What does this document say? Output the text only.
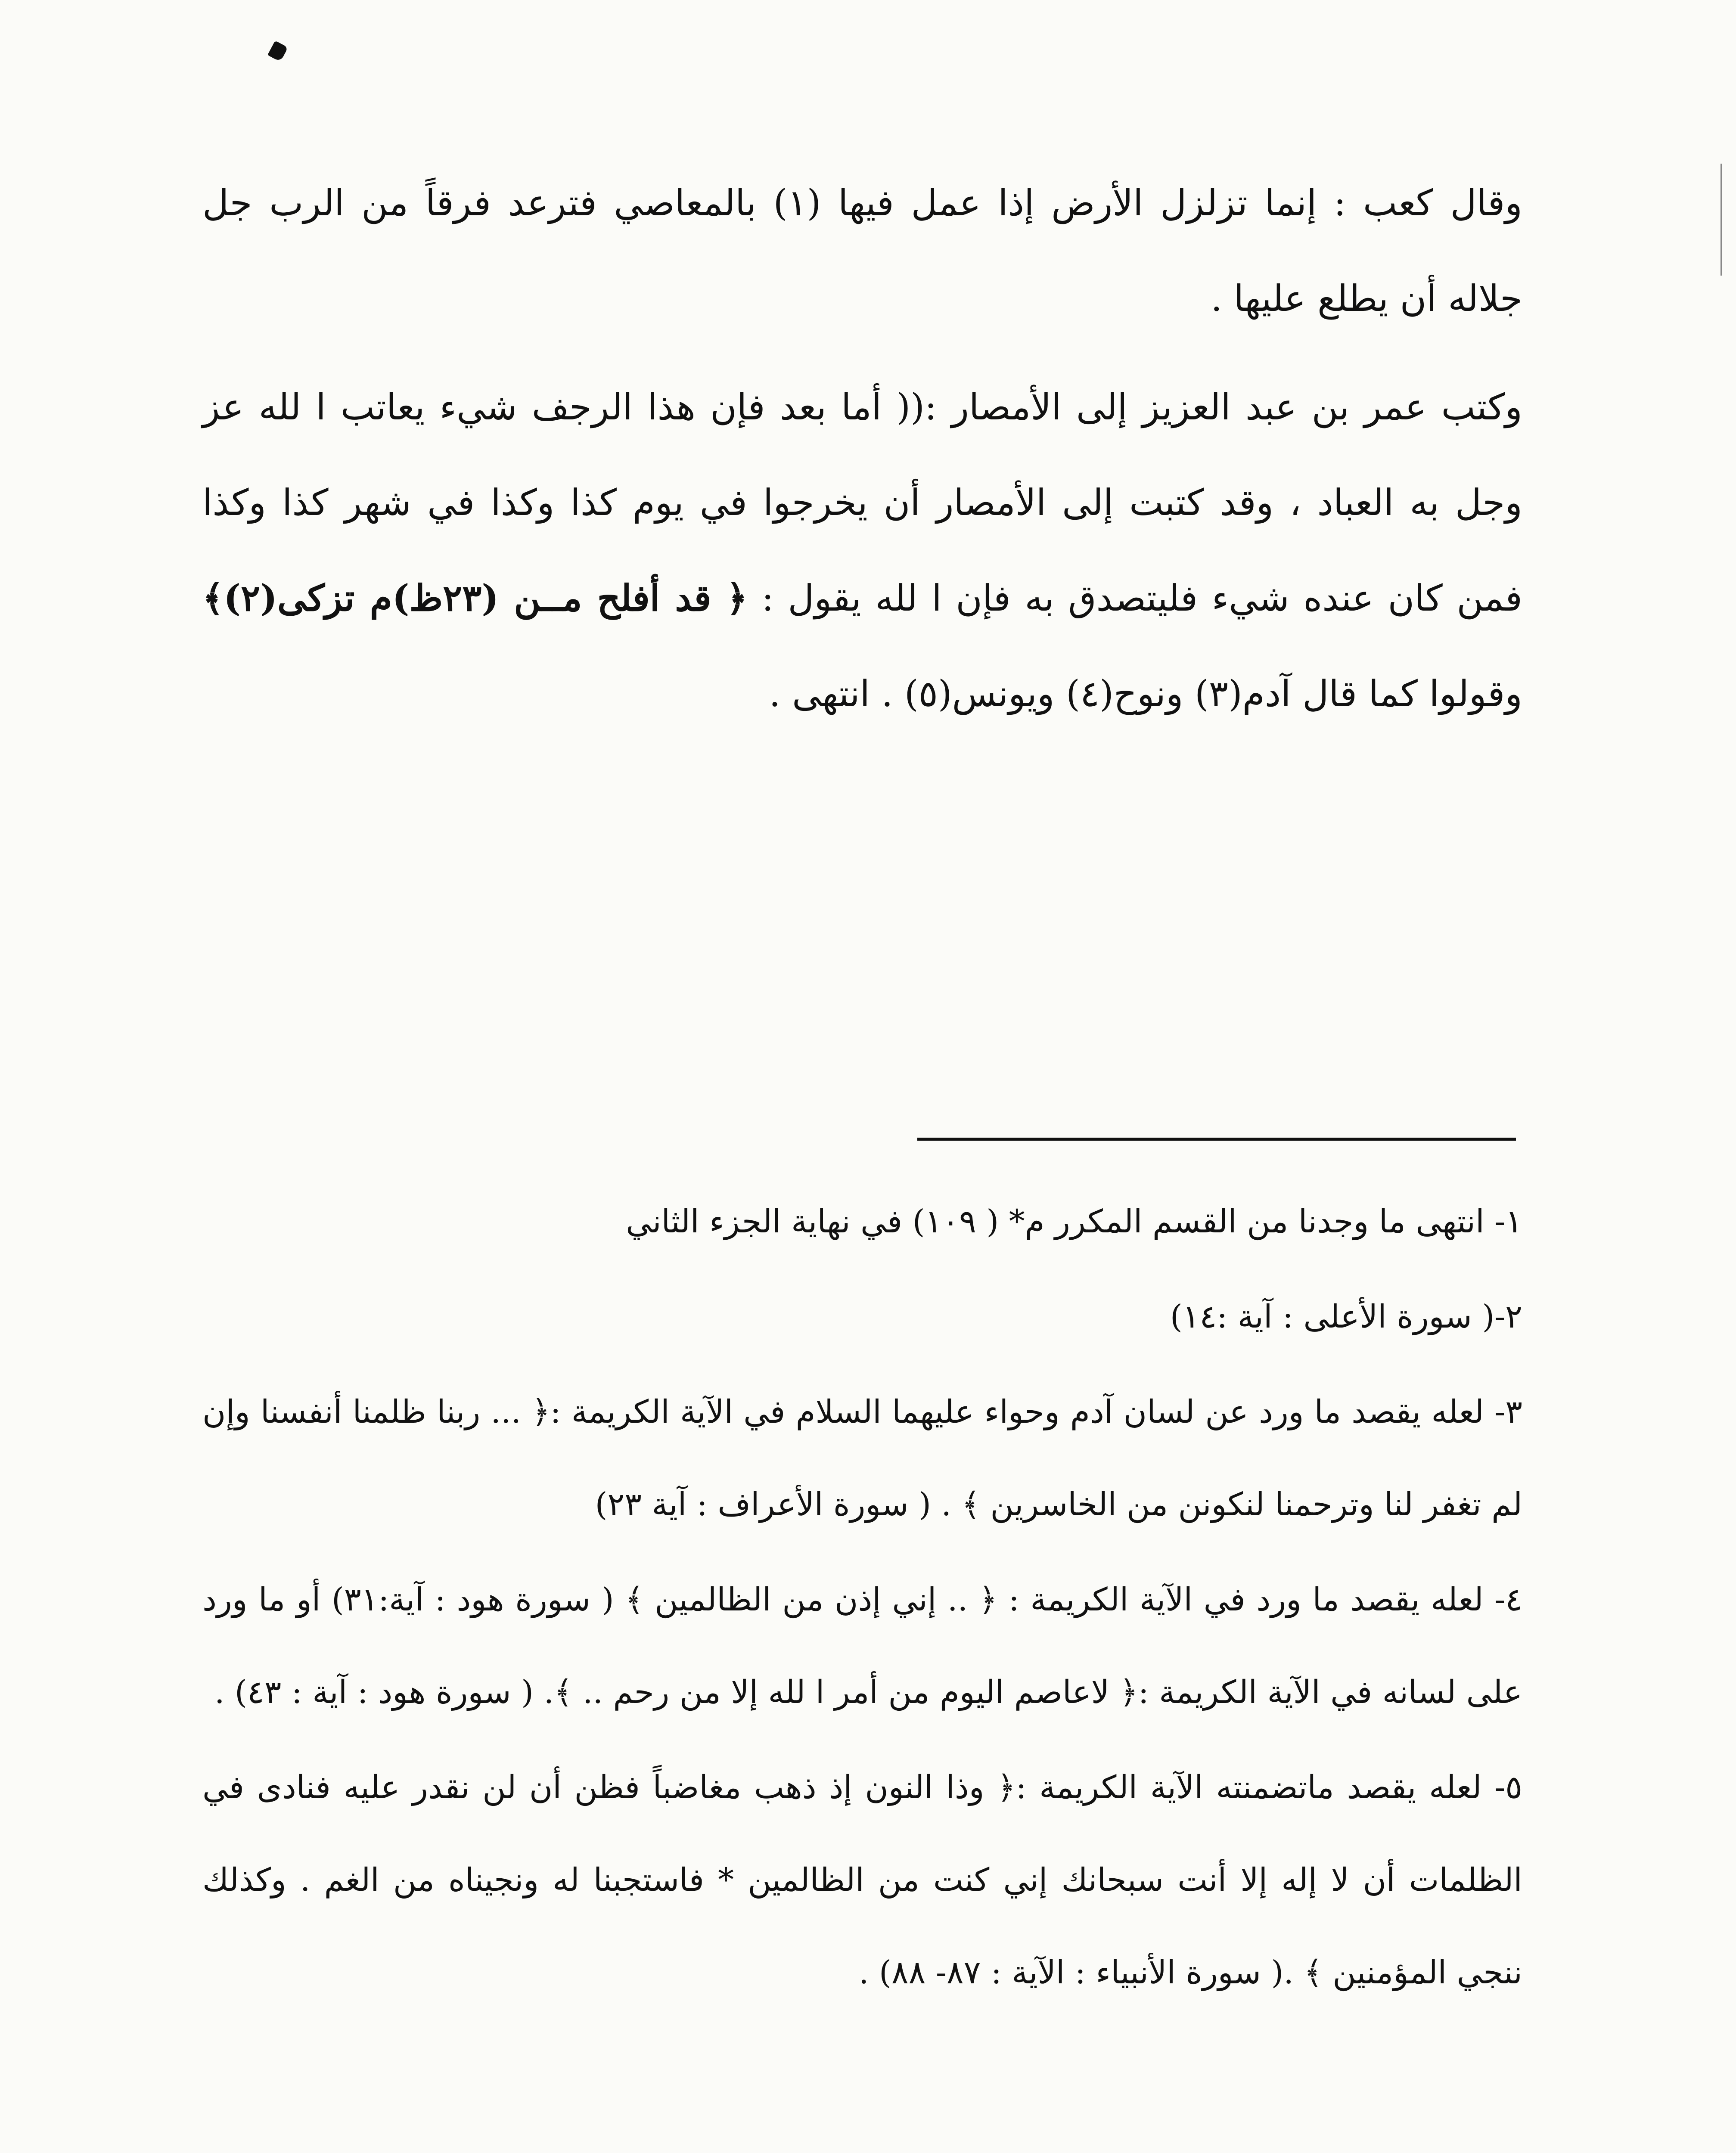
وقال كعب : إنما تزلزل الأرض إذا عمل فيها (١) بالمعاصي فترعد فرقاً من الرب جل جلاله أن يطلع عليها .

وكتب عمر بن عبد العزيز إلى الأمصار :(( أما بعد فإن هذا الرجف شيء يعاتب ا لله عز وجل به العباد ، وقد كتبت إلى الأمصار أن يخرجوا في يوم كذا وكذا في شهر كذا وكذا فمن كان عنده شيء فليتصدق به فإن ا لله يقول : ﴿ قد أفلح مــن (٢٣ظ)م تزكى(٢)﴾ وقولوا كما قال آدم(٣) ونوح(٤) ويونس(٥) . انتهى .

١- انتهى ما وجدنا من القسم المكرر م* ( ١٠٩) في نهاية الجزء الثاني

٢-( سورة الأعلى : آية :١٤)

٣- لعله يقصد ما ورد عن لسان آدم وحواء عليهما السلام في الآية الكريمة :﴿ ... ربنا ظلمنا أنفسنا وإن لم تغفر لنا وترحمنا لنكونن من الخاسرين ﴾ . ( سورة الأعراف : آية ٢٣)

٤- لعله يقصد ما ورد في الآية الكريمة : ﴿ .. إني إذن من الظالمين ﴾ ( سورة هود : آية:٣١) أو ما ورد على لسانه في الآية الكريمة :﴿ لاعاصم اليوم من أمر ا لله إلا من رحم .. ﴾. ( سورة هود : آية : ٤٣) .

٥- لعله يقصد ماتضمنته الآية الكريمة :﴿ وذا النون إذ ذهب مغاضباً فظن أن لن نقدر عليه فنادى في الظلمات أن لا إله إلا أنت سبحانك إني كنت من الظالمين * فاستجبنا له ونجيناه من الغم . وكذلك ننجي المؤمنين ﴾ .( سورة الأنبياء : الآية : ٨٧- ٨٨) .
